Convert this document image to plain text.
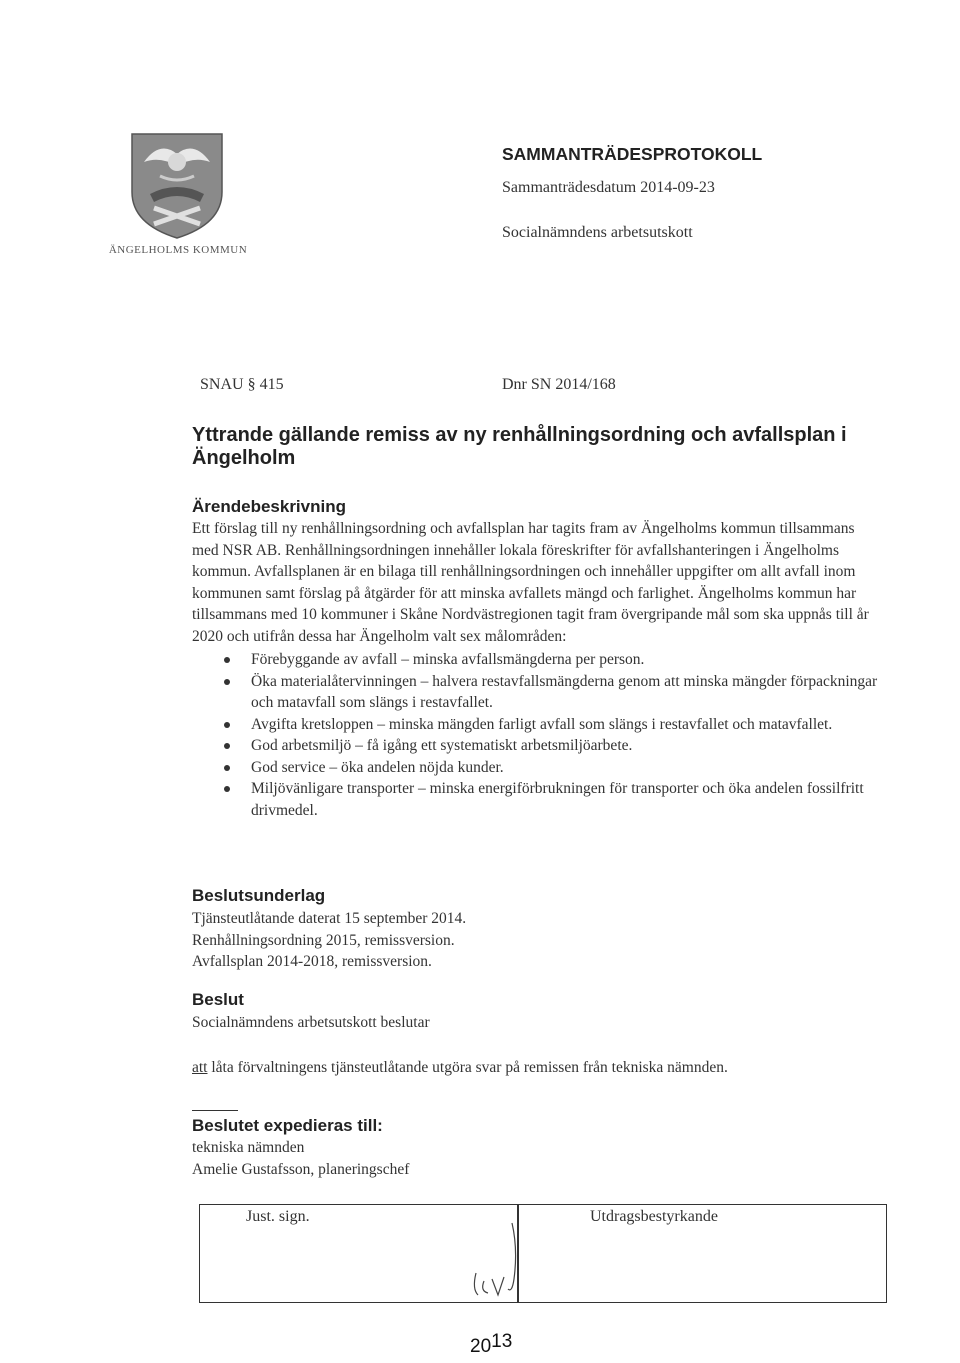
ÄNGELHOLMS KOMMUN
SAMMANTRÄDESPROTOKOLL
Sammanträdesdatum 2014-09-23
Socialnämndens arbetsutskott
SNAU § 415	Dnr SN 2014/168
Yttrande gällande remiss av ny renhållningsordning och avfallsplan i Ängelholm
Ärendebeskrivning
Ett förslag till ny renhållningsordning och avfallsplan har tagits fram av Ängelholms kommun tillsammans med NSR AB. Renhållningsordningen innehåller lokala föreskrifter för avfallshanteringen i Ängelholms kommun. Avfallsplanen är en bilaga till renhållningsordningen och innehåller uppgifter om allt avfall inom kommunen samt förslag på åtgärder för att minska avfallets mängd och farlighet. Ängelholms kommun har tillsammans med 10 kommuner i Skåne Nordvästregionen tagit fram övergripande mål som ska uppnås till år 2020 och utifrån dessa har Ängelholm valt sex målområden:
Förebyggande av avfall – minska avfallsmängderna per person.
Öka materialåtervinningen – halvera restavfallsmängderna genom att minska mängder förpackningar och matavfall som slängs i restavfallet.
Avgifta kretsloppen – minska mängden farligt avfall som slängs i restavfallet och matavfallet.
God arbetsmiljö – få igång ett systematiskt arbetsmiljöarbete.
God service – öka andelen nöjda kunder.
Miljövänligare transporter – minska energiförbrukningen för transporter och öka andelen fossilfritt drivmedel.
Beslutsunderlag
Tjänsteutlåtande daterat 15 september 2014.
Renhållningsordning 2015, remissversion.
Avfallsplan 2014-2018, remissversion.
Beslut
Socialnämndens arbetsutskott beslutar
att låta förvaltningens tjänsteutlåtande utgöra svar på remissen från tekniska nämnden.
Beslutet expedieras till:
tekniska nämnden
Amelie Gustafsson, planeringschef
Just. sign.	Utdragsbestyrkande
$20^{13}$
